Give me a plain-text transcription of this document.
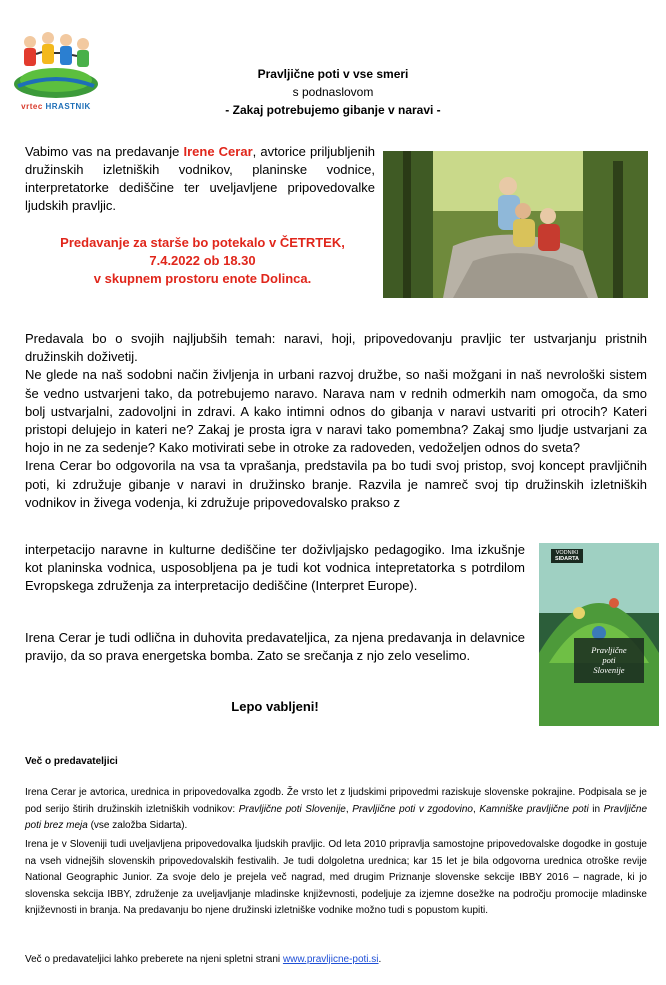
vrtec HRASTNIK
Pravljične poti v vse smeri
s podnaslovom
- Zakaj potrebujemo gibanje v naravi -
Vabimo vas na predavanje Irene Cerar, avtorice priljubljenih družinskih izletniških vodnikov, planinske vodnice, interpretatorke dediščine ter uveljavljene pripovedovalke ljudskih pravljic.
Predavanje za starše bo potekalo v ČETRTEK,
7.4.2022 ob 18.30
v skupnem prostoru enote Dolinca.
Predavala bo o svojih najljubših temah: naravi, hoji, pripovedovanju pravljic ter ustvarjanju pristnih družinskih doživetij.
Ne glede na naš sodobni način življenja in urbani razvoj družbe, so naši možgani in naš nevrološki sistem še vedno ustvarjeni tako, da potrebujemo naravo. Narava nam v rednih odmerkih nam omogoča, da smo bolj ustvarjalni, zadovoljni in zdravi. A kako intimni odnos do gibanja v naravi ustvariti pri otrocih? Kateri pristopi delujejo in kateri ne? Zakaj je prosta igra v naravi tako pomembna? Zakaj smo ljudje ustvarjani za hojo in ne za sedenje? Kako motivirati sebe in otroke za radoveden, vedoželjen odnos do sveta?
Irena Cerar bo odgovorila na vsa ta vprašanja, predstavila pa bo tudi svoj pristop, svoj koncept pravljičnih poti, ki združuje gibanje v naravi in družinsko branje. Razvila je namreč svoj tip družinskih izletniških vodnikov in živega vodenja, ki združuje pripovedovalsko prakso z
interpetacijo naravne in kulturne dediščine ter doživljajsko pedagogiko. Ima izkušnje kot planinska vodnica, usposobljena pa je tudi kot vodnica intepretatorka s potrdilom Evropskega združenja za interpretacijo dediščine (Interpret Europe).
Irena Cerar je tudi odlična in duhovita predavateljica, za njena predavanja in delavnice pravijo, da so prava energetska bomba. Zato se srečanja z njo zelo veselimo.
VODNIKI
SIDARTA
Pravljične
poti
Slovenije
Lepo vabljeni!
Več o predavateljici
Irena Cerar je avtorica, urednica in pripovedovalka zgodb. Že vrsto let z ljudskimi pripovedmi raziskuje slovenske pokrajine. Podpisala se je pod serijo štirih družinskih izletniških vodnikov: Pravljične poti Slovenije, Pravljične poti v zgodovino, Kamniške pravljične poti in Pravljične poti brez meja (vse založba Sidarta).
Irena je v Sloveniji tudi uveljavljena pripovedovalka ljudskih pravljic. Od leta 2010 pripravlja samostojne pripovedovalske dogodke in gostuje na vseh vidnejših slovenskih pripovedovalskih festivalih. Je tudi dolgoletna urednica; kar 15 let je bila odgovorna urednica otroške revije National Geographic Junior. Za svoje delo je prejela več nagrad, med drugim Priznanje slovenske sekcije IBBY 2016 – nagrade, ki jo slovenska sekcija IBBY, združenje za uveljavljanje mladinske književnosti, podeljuje za izjemne dosežke na področju promocije mladinske književnosti in branja. Na predavanju bo njene družinski izletniške vodnike možno tudi s popustom kupiti.
Več o predavateljici lahko preberete na njeni spletni strani www.pravljicne-poti.si.
